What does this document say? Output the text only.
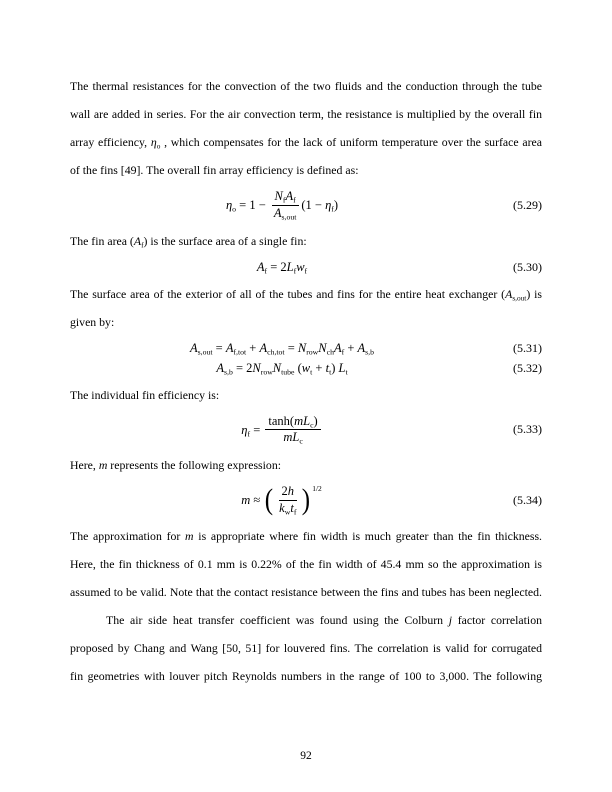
The thermal resistances for the convection of the two fluids and the conduction through the tube
wall are added in series. For the air convection term, the resistance is multiplied by the overall fin
array efficiency, $\eta_o$ , which compensates for the lack of uniform temperature over the surface area
of the fins [49]. The overall fin array efficiency is defined as:
$\eta_o = 1 - \frac{N_fA_f}{A_{s,out}} (1 - \eta_f$ )	(5.29)
The fin area $(A_f)$ is the surface area of a single fin:
$A_f = 2$ $L_f$ $w_f$	(5.30)
The surface area of the exterior of all of the tubes and fins for the entire heat exchanger $(A_{s,out})$ is
given by:
$A_{s,out} = A_{f,tot} + A_{ch,tot} = N_{row}$ $N_{ch}$ $A_f + A_{s,b}$	(5.31)
$A_{s,b} = 2$ $N_{row}$ $N_{tube}$ ( $w_t + t_t$ ) $L_t$	(5.32)
The individual fin efficiency is:
$\eta_f = \frac{\tanh(mL_c)}{mL_c}$	(5.33)
Here, m represents the following expression:
m ≈ ( $\frac{2h}{k_wt_f}$ ) 1/2
(5.34)
The approximation for m is appropriate where fin width is much greater than the fin thickness.
Here, the fin thickness of 0.1 mm is 0.22% of the fin width of 45.4 mm so the approximation is
assumed to be valid. Note that the contact resistance between the fins and tubes has been neglected.
The air side heat transfer coefficient was found using the Colburn j factor correlation
proposed by Chang and Wang [50, 51] for louvered fins. The correlation is valid for corrugated
fin geometries with louver pitch Reynolds numbers in the range of 100 to 3,000. The following
92
